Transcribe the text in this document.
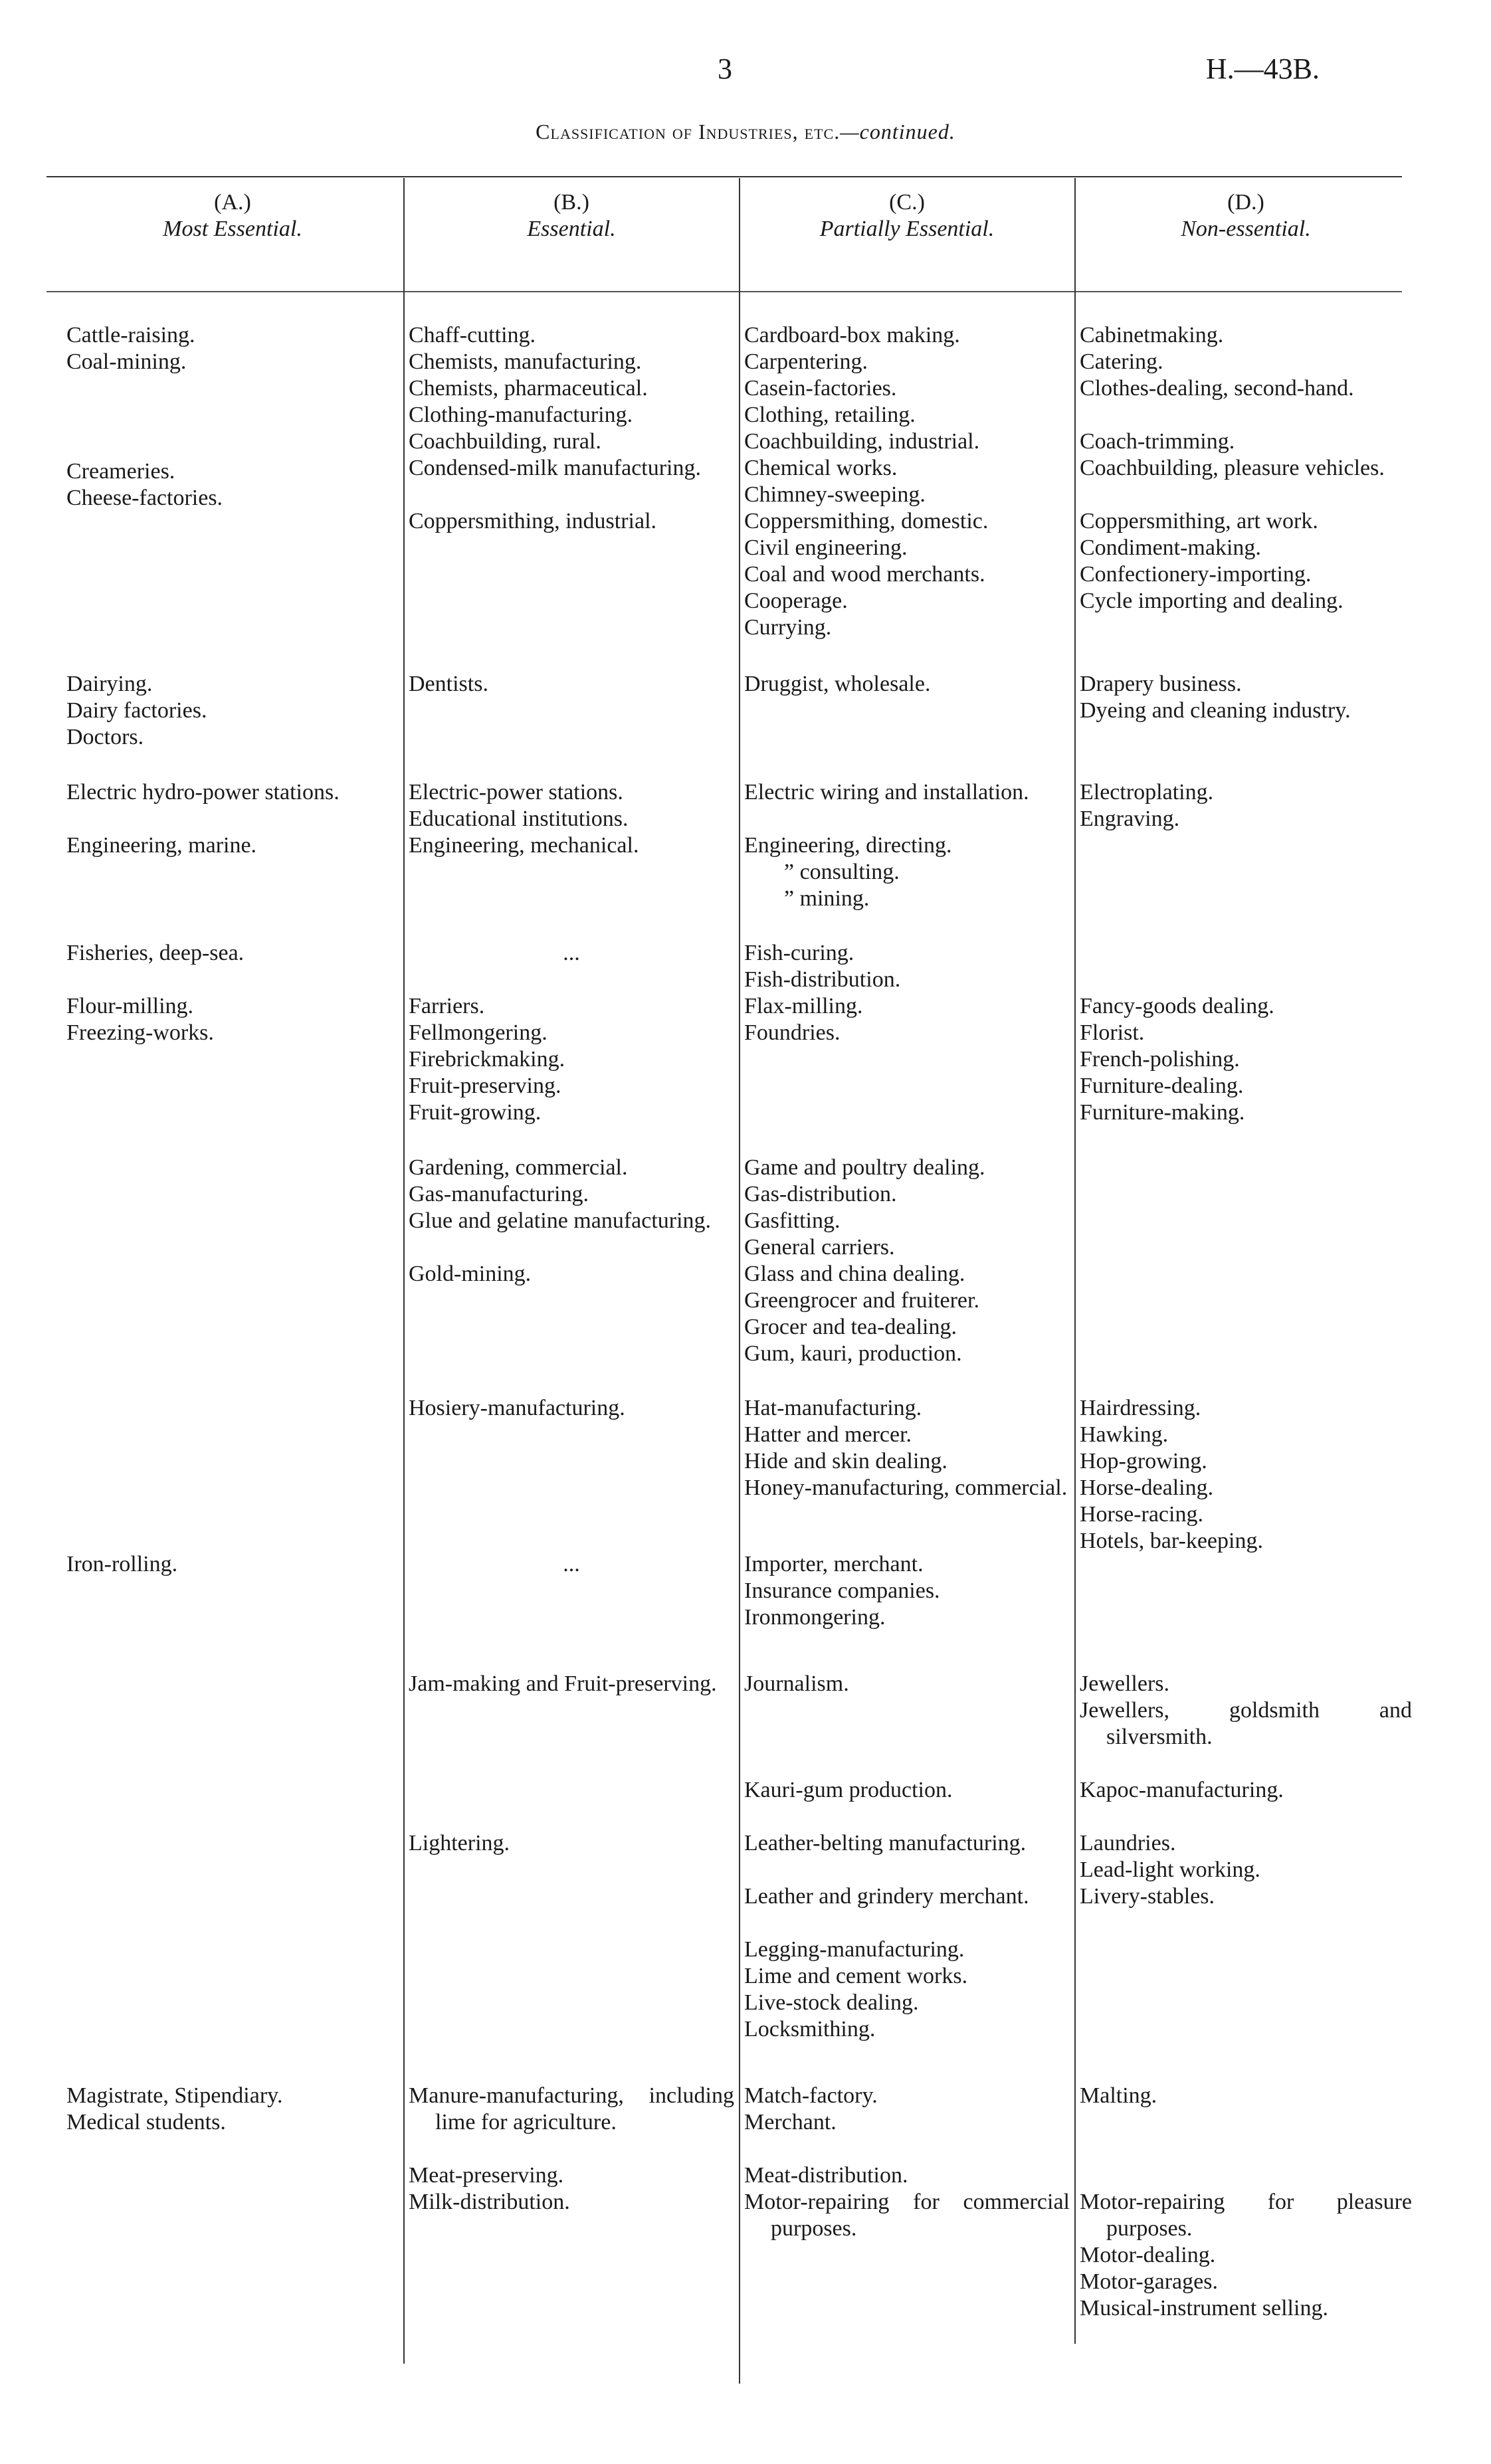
3	H.—43B.
Classification of Industries, etc.—continued.
(A.)
Most Essential.
Cattle-raising.
Coal-mining.
Creameries.
Cheese-factories.
Dairying.
Dairy factories.
Doctors.
Electric hydro-power stations.
Engineering, marine.
Fisheries, deep-sea.
Flour-milling.
Freezing-works.
Iron-rolling.
Magistrate, Stipendiary.
Medical students.
(B.)
Essential.
Chaff-cutting.
Chemists, manufacturing.
Chemists, pharmaceutical.
Clothing-manufacturing.
Coachbuilding, rural.
Condensed-milk manufacturing.
Coppersmithing, industrial.
Dentists.
Electric-power stations.
Educational institutions.
Engineering, mechanical.
...
Farriers.
Fellmongering.
Firebrickmaking.
Fruit-preserving.
Fruit-growing.
Gardening, commercial.
Gas-manufacturing.
Glue and gelatine manufacturing.
Gold-mining.
Hosiery-manufacturing.
...
Jam-making and Fruit-preserving.
Lightering.
Manure-manufacturing, including lime for agriculture.
Meat-preserving.
Milk-distribution.
(C.)
Partially Essential.
Cardboard-box making.
Carpentering.
Casein-factories.
Clothing, retailing.
Coachbuilding, industrial.
Chemical works.
Chimney-sweeping.
Coppersmithing, domestic.
Civil engineering.
Coal and wood merchants.
Cooperage.
Currying.
Druggist, wholesale.
Electric wiring and installation.
Engineering, directing.
” consulting.
” mining.
Fish-curing.
Fish-distribution.
Flax-milling.
Foundries.
Game and poultry dealing.
Gas-distribution.
Gasfitting.
General carriers.
Glass and china dealing.
Greengrocer and fruiterer.
Grocer and tea-dealing.
Gum, kauri, production.
Hat-manufacturing.
Hatter and mercer.
Hide and skin dealing.
Honey-manufacturing, commercial.
Importer, merchant.
Insurance companies.
Ironmongering.
Journalism.
Kauri-gum production.
Leather-belting manufacturing.
Leather and grindery merchant.
Legging-manufacturing.
Lime and cement works.
Live-stock dealing.
Locksmithing.
Match-factory.
Merchant.
Meat-distribution.
Motor-repairing for commercial purposes.
(D.)
Non-essential.
Cabinetmaking.
Catering.
Clothes-dealing, second-hand.
Coach-trimming.
Coachbuilding, pleasure vehicles.
Coppersmithing, art work.
Condiment-making.
Confectionery-importing.
Cycle importing and dealing.
Drapery business.
Dyeing and cleaning industry.
Electroplating.
Engraving.
Fancy-goods dealing.
Florist.
French-polishing.
Furniture-dealing.
Furniture-making.
Hairdressing.
Hawking.
Hop-growing.
Horse-dealing.
Horse-racing.
Hotels, bar-keeping.
Jewellers.
Jewellers, goldsmith and silversmith.
Kapoc-manufacturing.
Laundries.
Lead-light working.
Livery-stables.
Malting.
Motor-repairing for pleasure purposes.
Motor-dealing.
Motor-garages.
Musical-instrument selling.
